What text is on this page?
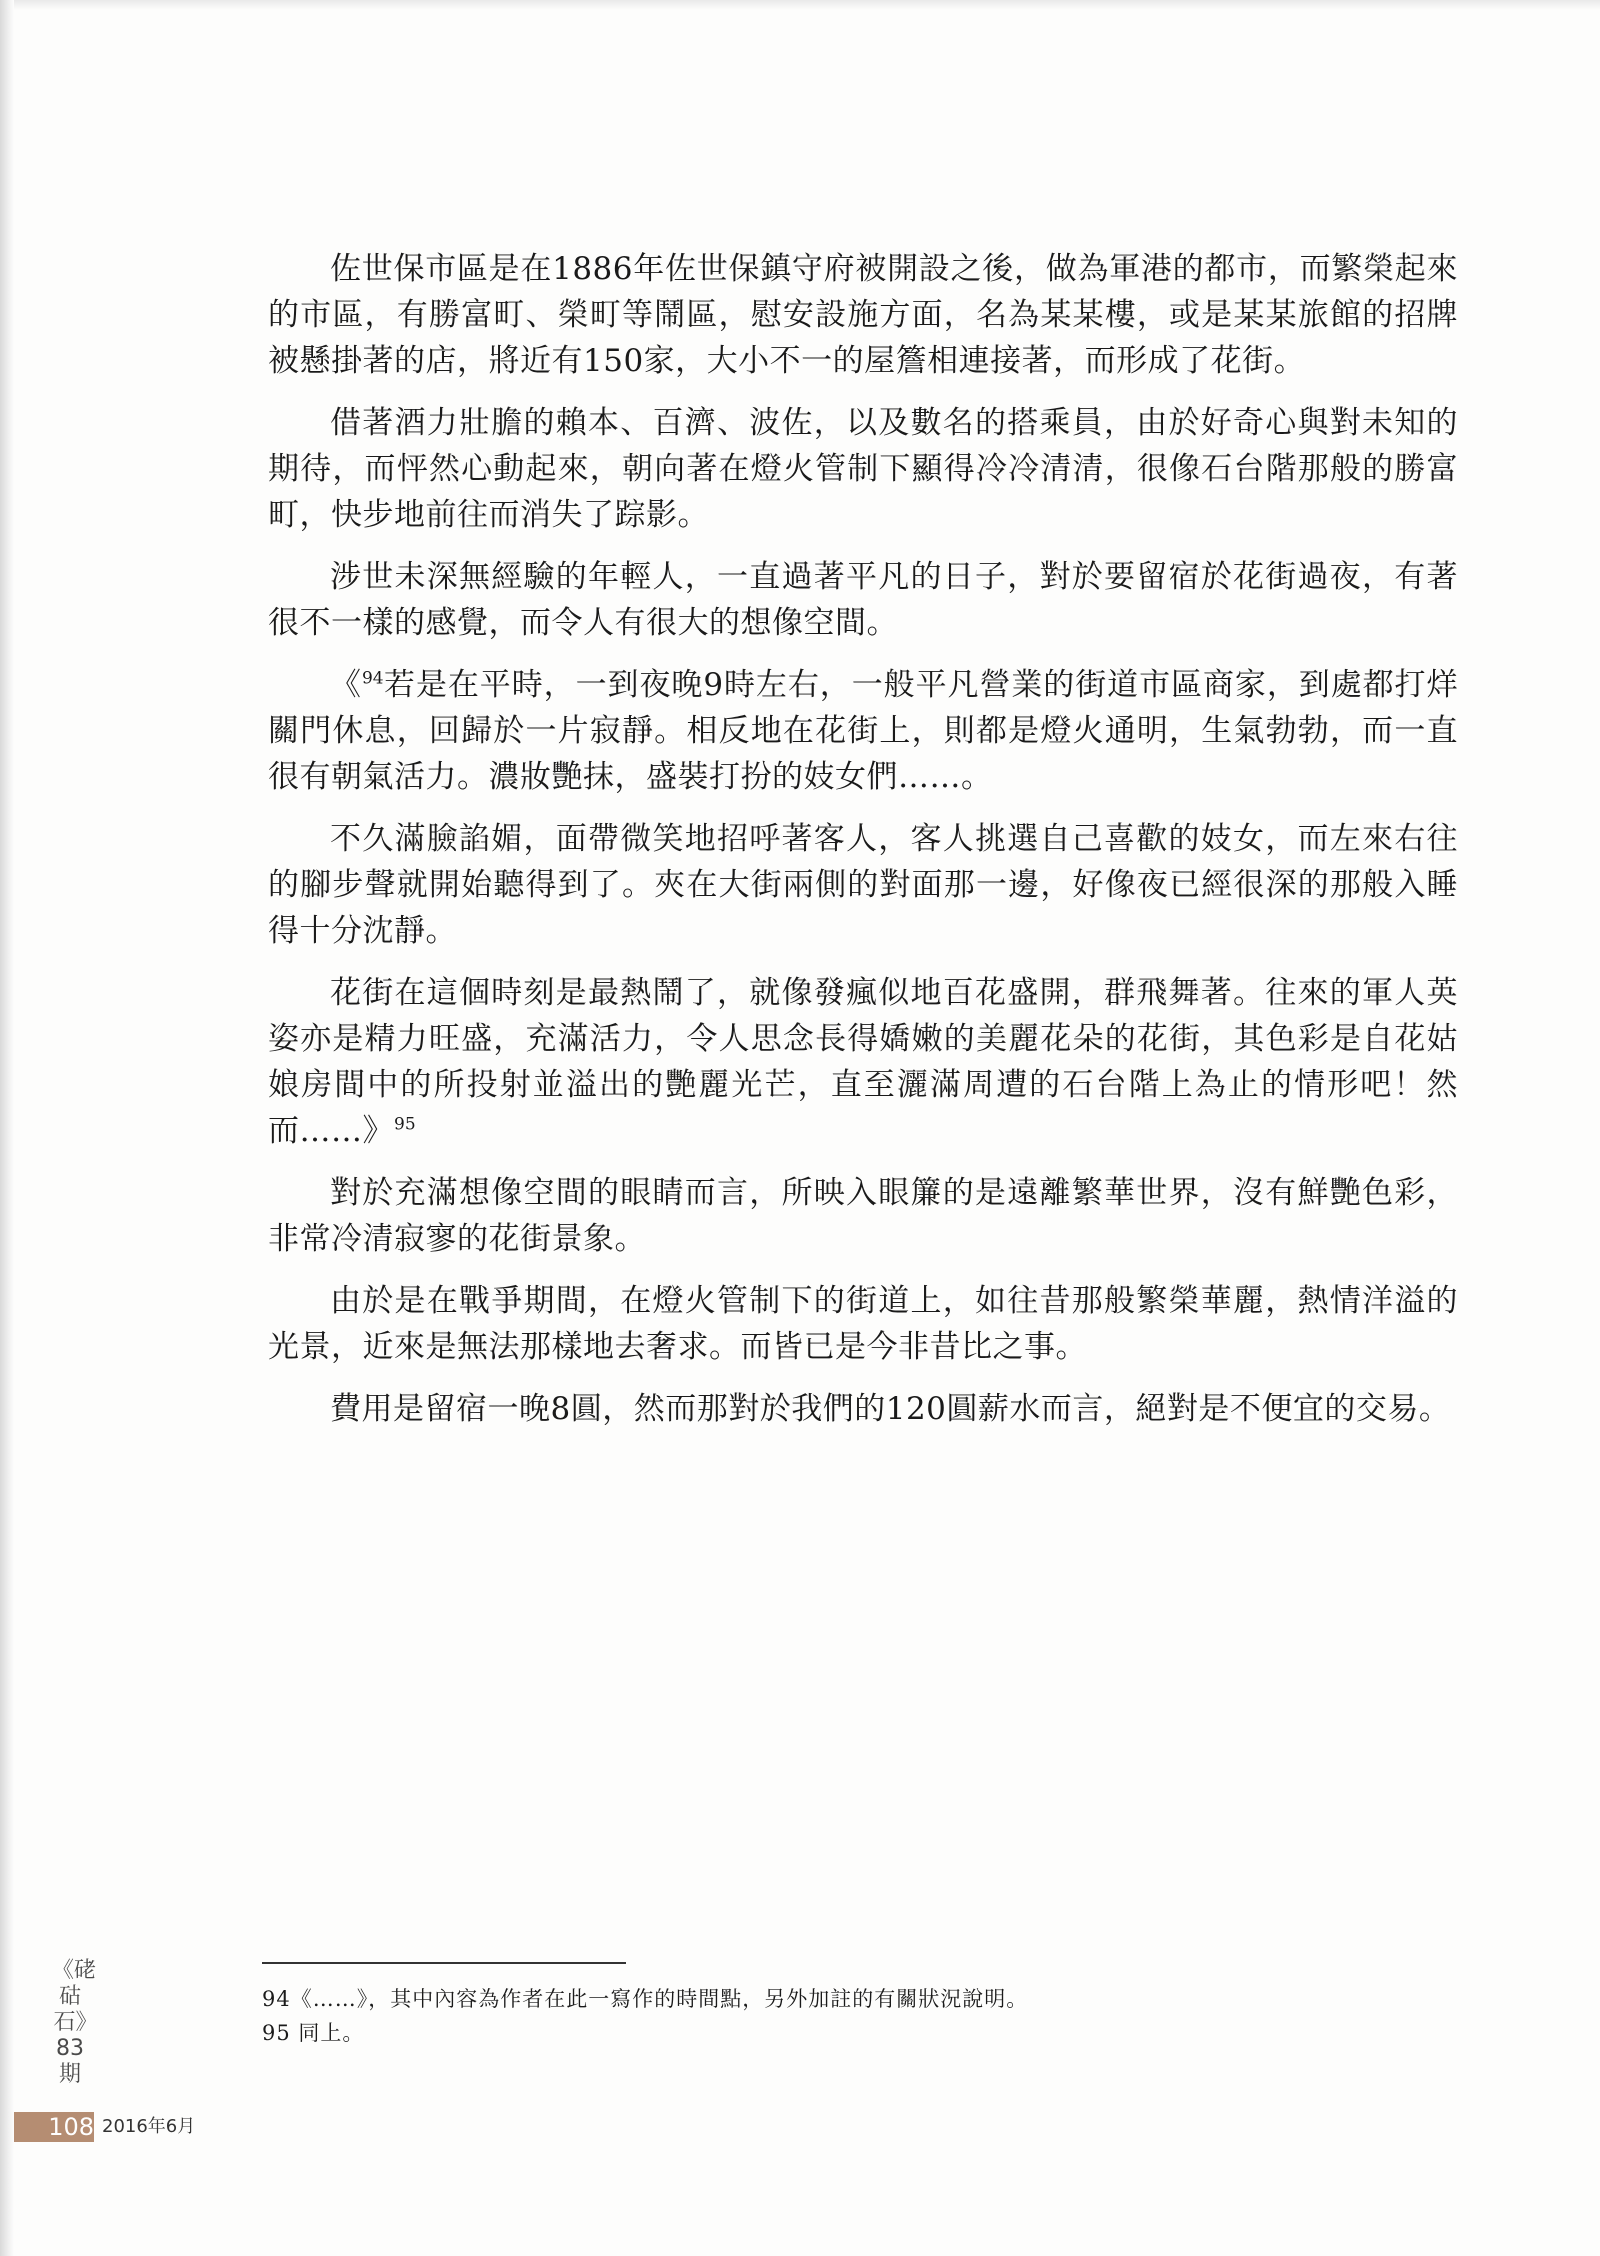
佐世保市區是在1886年佐世保鎮守府被開設之後，做為軍港的都市，而繁榮起來的市區，有勝富町、榮町等鬧區，慰安設施方面，名為某某樓，或是某某旅館的招牌被懸掛著的店，將近有150家，大小不一的屋簷相連接著，而形成了花街。

借著酒力壯膽的賴本、百濟、波佐，以及數名的搭乘員，由於好奇心與對未知的期待，而怦然心動起來，朝向著在燈火管制下顯得冷冷清清，很像石台階那般的勝富町，快步地前往而消失了踪影。

涉世未深無經驗的年輕人，一直過著平凡的日子，對於要留宿於花街過夜，有著很不一樣的感覺，而令人有很大的想像空間。

《$^{94}$若是在平時，一到夜晚9時左右，一般平凡營業的街道市區商家，到處都打烊關門休息，回歸於一片寂靜。相反地在花街上，則都是燈火通明，生氣勃勃，而一直很有朝氣活力。濃妝艷抹，盛裝打扮的妓女們……。

不久滿臉諂媚，面帶微笑地招呼著客人，客人挑選自己喜歡的妓女，而左來右往的腳步聲就開始聽得到了。夾在大街兩側的對面那一邊，好像夜已經很深的那般入睡得十分沈靜。

花街在這個時刻是最熱鬧了，就像發瘋似地百花盛開，群飛舞著。往來的軍人英姿亦是精力旺盛，充滿活力，令人思念長得嬌嫩的美麗花朵的花街，其色彩是自花姑娘房間中的所投射並溢出的艷麗光芒，直至灑滿周遭的石台階上為止的情形吧！然而……》$^{95}$

對於充滿想像空間的眼睛而言，所映入眼簾的是遠離繁華世界，沒有鮮艷色彩，非常冷清寂寥的花街景象。

由於是在戰爭期間，在燈火管制下的街道上，如往昔那般繁榮華麗，熱情洋溢的光景，近來是無法那樣地去奢求。而皆已是今非昔比之事。

費用是留宿一晚8圓，然而那對於我們的120圓薪水而言，絕對是不便宜的交易。

94《……》，其中內容為作者在此一寫作的時間點，另外加註的有關狀況說明。

95 同上。

《硓𥑮石》83期
108 2016年6月
